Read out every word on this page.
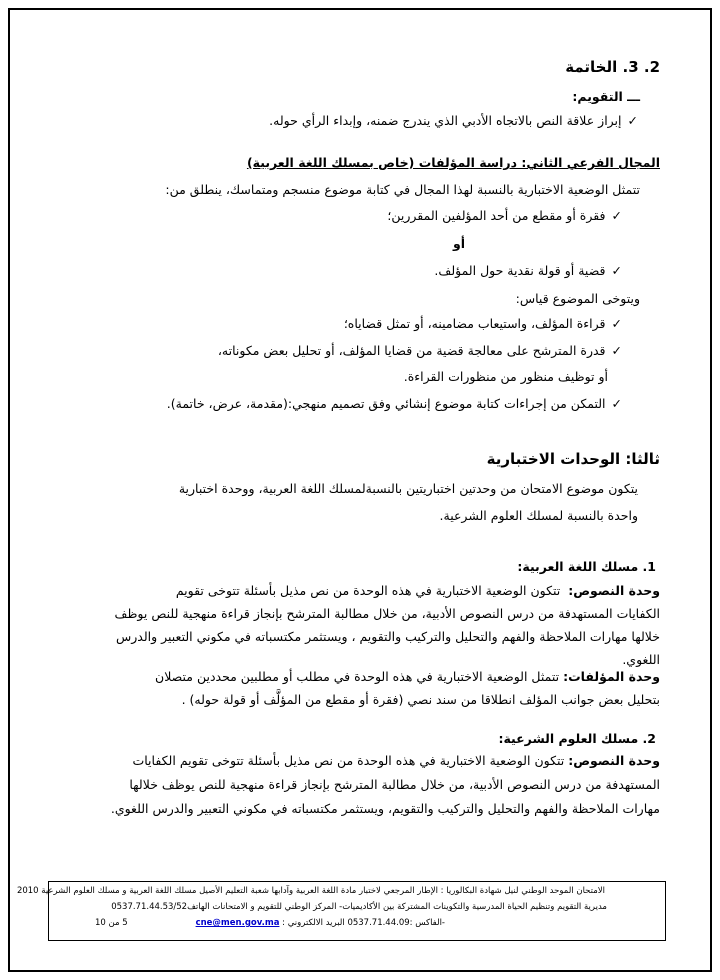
2. 3. الخاتمة
ـــ التقويم:
✓إبراز علاقة النص بالاتجاه الأدبي الذي يندرج ضمنه، وإبداء الرأي حوله.
المجال الفرعي الثاني: دراسة المؤلفات (خاص بمسلك اللغة العربية)
تتمثل الوضعية الاختبارية بالنسبة لهذا المجال في كتابة موضوع منسجم ومتماسك، ينطلق من:
✓فقرة أو مقطع من أحد المؤلفين المقررين؛
أو
✓قضية أو قولة نقدية حول المؤلف.
ويتوخى الموضوع قياس:
✓قراءة المؤلف، واستيعاب مضامينه، أو تمثل قضاياه؛
✓قدرة المترشح على معالجة قضية من قضايا المؤلف، أو تحليل بعض مكوناته،
أو توظيف منظور من منظورات القراءة.
✓التمكن من إجراءات كتابة موضوع إنشائي وفق تصميم منهجي:(مقدمة، عرض، خاتمة).
ثالثا: الوحدات الاختبارية
يتكون موضوع الامتحان من وحدتين اختباريتين بالنسبةلمسلك اللغة العربية، ووحدة اختبارية
واحدة بالنسبة لمسلك العلوم الشرعية.
1. مسلك اللغة العربية:
وحدة النصوص:  تتكون الوضعية الاختبارية في هذه الوحدة من نص مذيل بأسئلة تتوخى تقويم
الكفايات المستهدفة من درس النصوص الأدبية، من خلال مطالبة المترشح بإنجاز قراءة منهجية للنص يوظف
خلالها مهارات الملاحظة والفهم والتحليل والتركيب والتقويم ، ويستثمر مكتسباته في مكوني التعبير والدرس
اللغوي.
وحدة المؤلفات: تتمثل الوضعية الاختبارية في هذه الوحدة في مطلب أو مطلبين محددين متصلان
بتحليل بعض جوانب المؤلف انطلاقا من سند نصي (فقرة أو مقطع من المؤلَّف أو قولة حوله) .
2. مسلك العلوم الشرعية:
وحدة النصوص: تتكون الوضعية الاختبارية في هذه الوحدة من نص مذيل بأسئلة تتوخى تقويم الكفايات
المستهدفة من درس النصوص الأدبية، من خلال مطالبة المترشح بإنجاز قراءة منهجية للنص يوظف خلالها
مهارات الملاحظة والفهم والتحليل والتركيب والتقويم، ويستثمر مكتسباته في مكوني التعبير والدرس اللغوي.
الامتحان الموحد الوطني لنيل شهادة البكالوريا : الإطار المرجعي لاختبار مادة اللغة العربية وآدابها شعبة التعليم الأصيل مسلك اللغة العربية و مسلك العلوم الشرعية 2010
مديرية التقويم وتنظيم الحياة المدرسية والتكوينات المشتركة بين الأكاديميات- المركز الوطني للتقويم و الامتحانات الهاتف0537.71.44.53/52
-الفاكس :0537.71.44.09 البريد الالكتروني : cne@men.gov.ma
5 من 10
